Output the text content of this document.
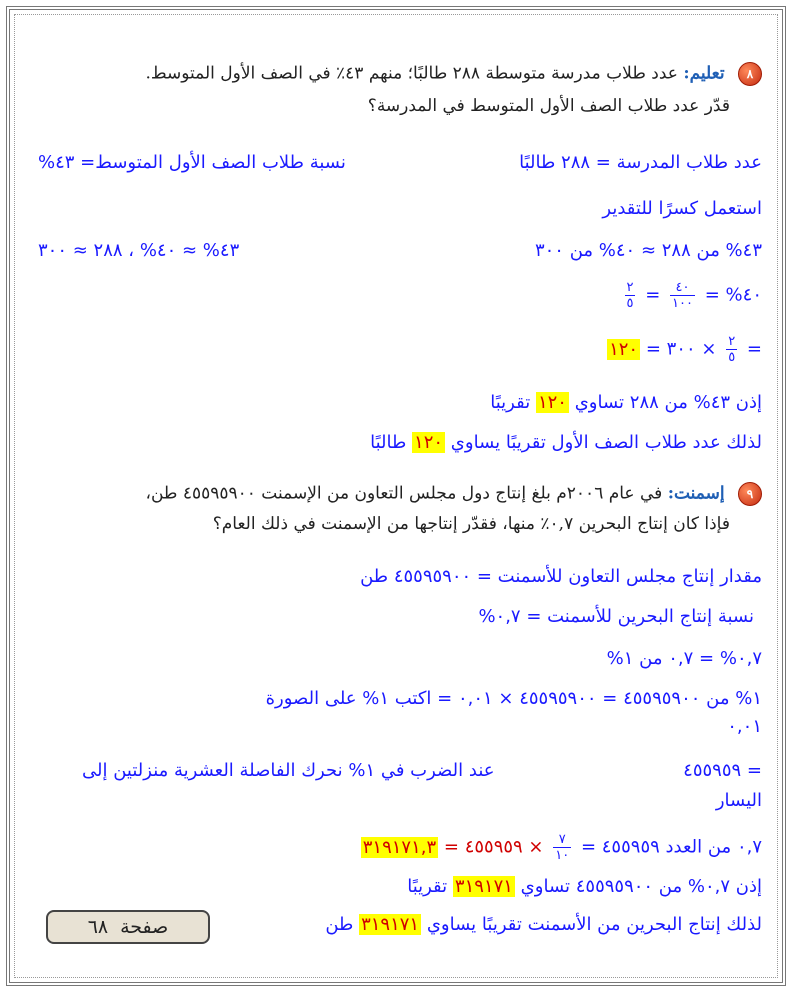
٨ تعليم: عدد طلاب مدرسة متوسطة ٢٨٨ طالبًا؛ منهم ٤٣٪ في الصف الأول المتوسط.
قدّر عدد طلاب الصف الأول المتوسط في المدرسة؟
عدد طلاب المدرسة = ٢٨٨ طالبًا
نسبة طلاب الصف الأول المتوسط= ٤٣%
استعمل كسرًا للتقدير
٤٣% من ٢٨٨ ≈ ٤٠% من ٣٠٠
٤٣% ≈ ٤٠% ، ٢٨٨ ≈ ٣٠٠
٤٠% =
$\frac{٤٠}{١٠٠}$
=
$\frac{٢}{٥}$
=
$\frac{٢}{٥}$
× ٣٠٠ = ١٢٠
إذن ٤٣% من ٢٨٨ تساوي ١٢٠ تقريبًا
لذلك عدد طلاب الصف الأول تقريبًا يساوي ١٢٠ طالبًا
٩ إسمنت: في عام ٢٠٠٦م بلغ إنتاج دول مجلس التعاون من الإسمنت ٤٥٥٩٥٩٠٠ طن،
فإذا كان إنتاج البحرين ٠,٧٪ منها، فقدّر إنتاجها من الإسمنت في ذلك العام؟
مقدار إنتاج مجلس التعاون للأسمنت = ٤٥٥٩٥٩٠٠ طن
نسبة إنتاج البحرين للأسمنت = ٠,٧%
٠,٧% = ٠,٧ من ١%
١% من ٤٥٥٩٥٩٠٠ = ٤٥٥٩٥٩٠٠ × ٠,٠١ = اكتب ١% على الصورة
٠,٠١
عند الضرب في ١% نحرك الفاصلة العشرية منزلتين إلى	= ٤٥٥٩٥٩
اليسار
٠,٧ من العدد ٤٥٥٩٥٩ =
$\frac{٧}{١٠}$
× ٤٥٥٩٥٩ = ٣١٩١٧١,٣
إذن ٠,٧% من ٤٥٥٩٥٩٠٠ تساوي ٣١٩١٧١ تقريبًا
لذلك إنتاج البحرين من الأسمنت تقريبًا يساوي ٣١٩١٧١ طن
صفحة
٦٨
